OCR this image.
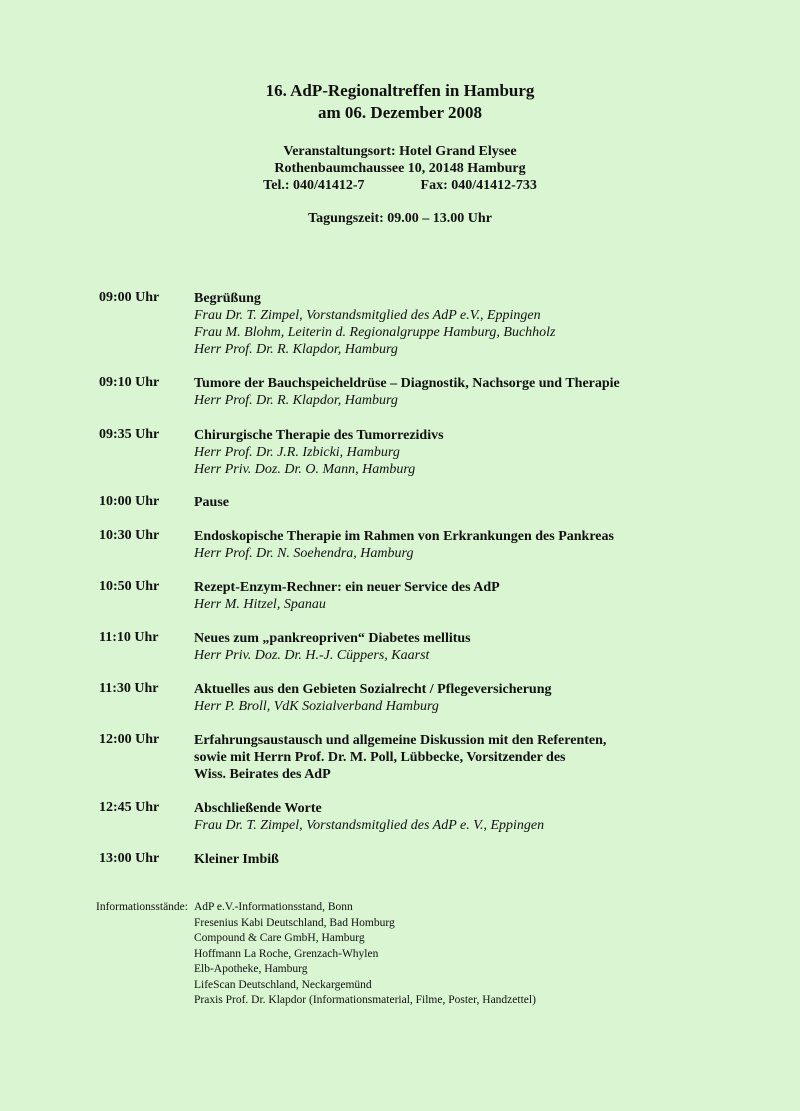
16. AdP-Regionaltreffen in Hamburg
am 06. Dezember 2008
Veranstaltungsort: Hotel Grand Elysee
Rothenbaumchaussee 10, 20148 Hamburg
Tel.: 040/41412-7	Fax: 040/41412-733
Tagungszeit: 09.00 – 13.00 Uhr
09:00 Uhr	Begrüßung
Frau Dr. T. Zimpel, Vorstandsmitglied des AdP e.V., Eppingen
Frau M. Blohm, Leiterin d. Regionalgruppe Hamburg, Buchholz
Herr Prof. Dr. R. Klapdor, Hamburg
09:10 Uhr	Tumore der Bauchspeicheldrüse – Diagnostik, Nachsorge und Therapie
Herr Prof. Dr. R. Klapdor, Hamburg
09:35 Uhr	Chirurgische Therapie des Tumorrezidivs
Herr Prof. Dr. J.R. Izbicki, Hamburg
Herr Priv. Doz. Dr. O. Mann, Hamburg
10:00 Uhr	Pause
10:30 Uhr	Endoskopische Therapie im Rahmen von Erkrankungen des Pankreas
Herr Prof. Dr. N. Soehendra, Hamburg
10:50 Uhr	Rezept-Enzym-Rechner: ein neuer Service des AdP
Herr M. Hitzel, Spanau
11:10 Uhr	Neues zum „pankreopriven“ Diabetes mellitus
Herr Priv. Doz. Dr. H.-J. Cüppers, Kaarst
11:30 Uhr	Aktuelles aus den Gebieten Sozialrecht / Pflegeversicherung
Herr P. Broll, VdK Sozialverband Hamburg
12:00 Uhr	Erfahrungsaustausch und allgemeine Diskussion mit den Referenten,
sowie mit Herrn Prof. Dr. M. Poll, Lübbecke, Vorsitzender des
Wiss. Beirates des AdP
12:45 Uhr	Abschließende Worte
Frau Dr. T. Zimpel, Vorstandsmitglied des AdP e. V., Eppingen
13:00 Uhr	Kleiner Imbiß
Informationsstände: AdP e.V.-Informationsstand, Bonn
Fresenius Kabi Deutschland, Bad Homburg
Compound & Care GmbH, Hamburg
Hoffmann La Roche, Grenzach-Whylen
Elb-Apotheke, Hamburg
LifeScan Deutschland, Neckargemünd
Praxis Prof. Dr. Klapdor (Informationsmaterial, Filme, Poster, Handzettel)
